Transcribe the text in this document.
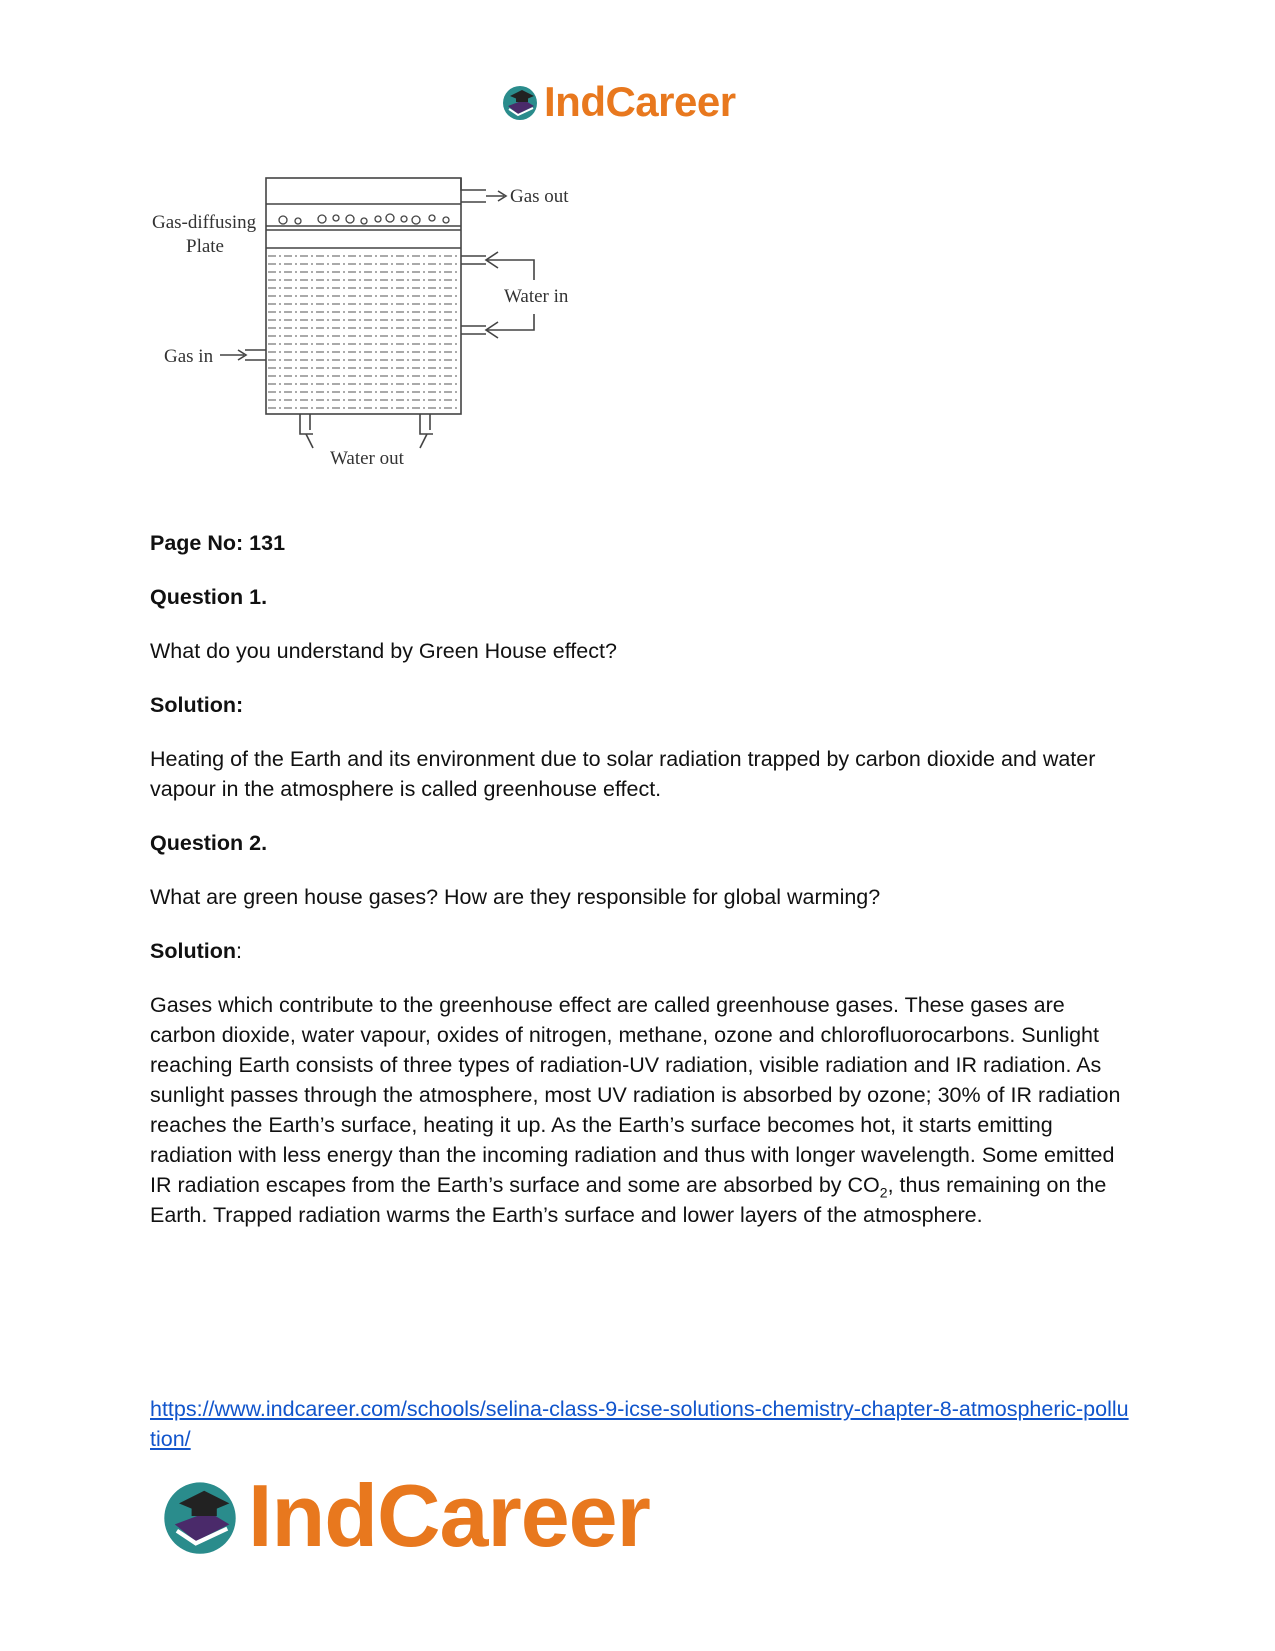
IndCareer
Gas out
Gas-diffusing
Plate
Water in
Gas in
Water out

Page No: 131

Question 1.

What do you understand by Green House effect?

Solution:

Heating of the Earth and its environment due to solar radiation trapped by carbon dioxide and water vapour in the atmosphere is called greenhouse effect.

Question 2.

What are green house gases? How are they responsible for global warming?

Solution:

Gases which contribute to the greenhouse effect are called greenhouse gases. These gases are carbon dioxide, water vapour, oxides of nitrogen, methane, ozone and chlorofluorocarbons. Sunlight reaching Earth consists of three types of radiation-UV radiation, visible radiation and IR radiation. As sunlight passes through the atmosphere, most UV radiation is absorbed by ozone; 30% of IR radiation reaches the Earth’s surface, heating it up. As the Earth’s surface becomes hot, it starts emitting radiation with less energy than the incoming radiation and thus with longer wavelength. Some emitted IR radiation escapes from the Earth’s surface and some are absorbed by $CO_2$, thus remaining on the Earth. Trapped radiation warms the Earth’s surface and lower layers of the atmosphere.

https://www.indcareer.com/schools/selina-class-9-icse-solutions-chemistry-chapter-8-atmospheric-pollution/
IndCareer
